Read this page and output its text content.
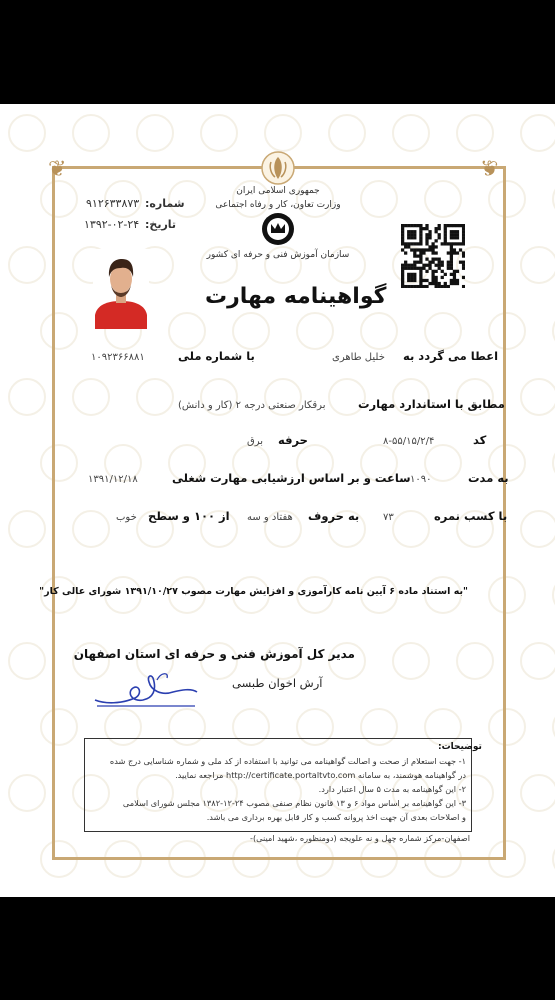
❦	❦
جمهوری اسلامی ایران
وزارت تعاون، کار و رفاه اجتماعی
سازمان آموزش فنی و حرفه ای کشور
شماره:
۹۱۲۶۳۳۸۷۳
تاریخ:
۱۳۹۲-۰۲-۲۴
گواهینامه مهارت
اعطا می گردد به
خلیل طاهری
با شماره ملی
۱۰۹۲۳۶۶۸۸۱
مطابق با استاندارد مهارت
برقکار صنعتی درجه ۲ (کار و دانش)
کد
۸-۵۵/۱۵/۲/۴
حرفه
برق
به مدت
۱۰۹۰
ساعت و بر اساس ارزشیابی مهارت شغلی
۱۳۹۱/۱۲/۱۸
با کسب نمره
۷۳
به حروف
هفتاد و سه
از ۱۰۰ و سطح
خوب
"به استناد ماده ۶ آیین نامه کارآموزی و افزایش مهارت مصوب ۱۳۹۱/۱۰/۲۷ شورای عالی کار"
مدیر کل آموزش فنی و حرفه ای استان اصفهان
آرش اخوان طبسی
توضیحات:
۱- جهت استعلام از صحت و اصالت گواهینامه می توانید با استفاده از کد ملی و شماره شناسایی درج شده
در گواهینامه هوشمند، به سامانه http://certificate.portaltvto.com مراجعه نمایید.
۲- این گواهینامه به مدت ۵ سال اعتبار دارد.
۳- این گواهینامه بر اساس مواد ۶ و ۱۳ قانون نظام صنفی مصوب ۲۴-۱۲-۱۳۸۲ مجلس شورای اسلامی
و اصلاحات بعدی آن جهت اخذ پروانه کسب و کار قابل بهره برداری می باشد.
اصفهان-مرکز شماره چهل و نه علویجه (دومنظوره ،شهید امینی)-
